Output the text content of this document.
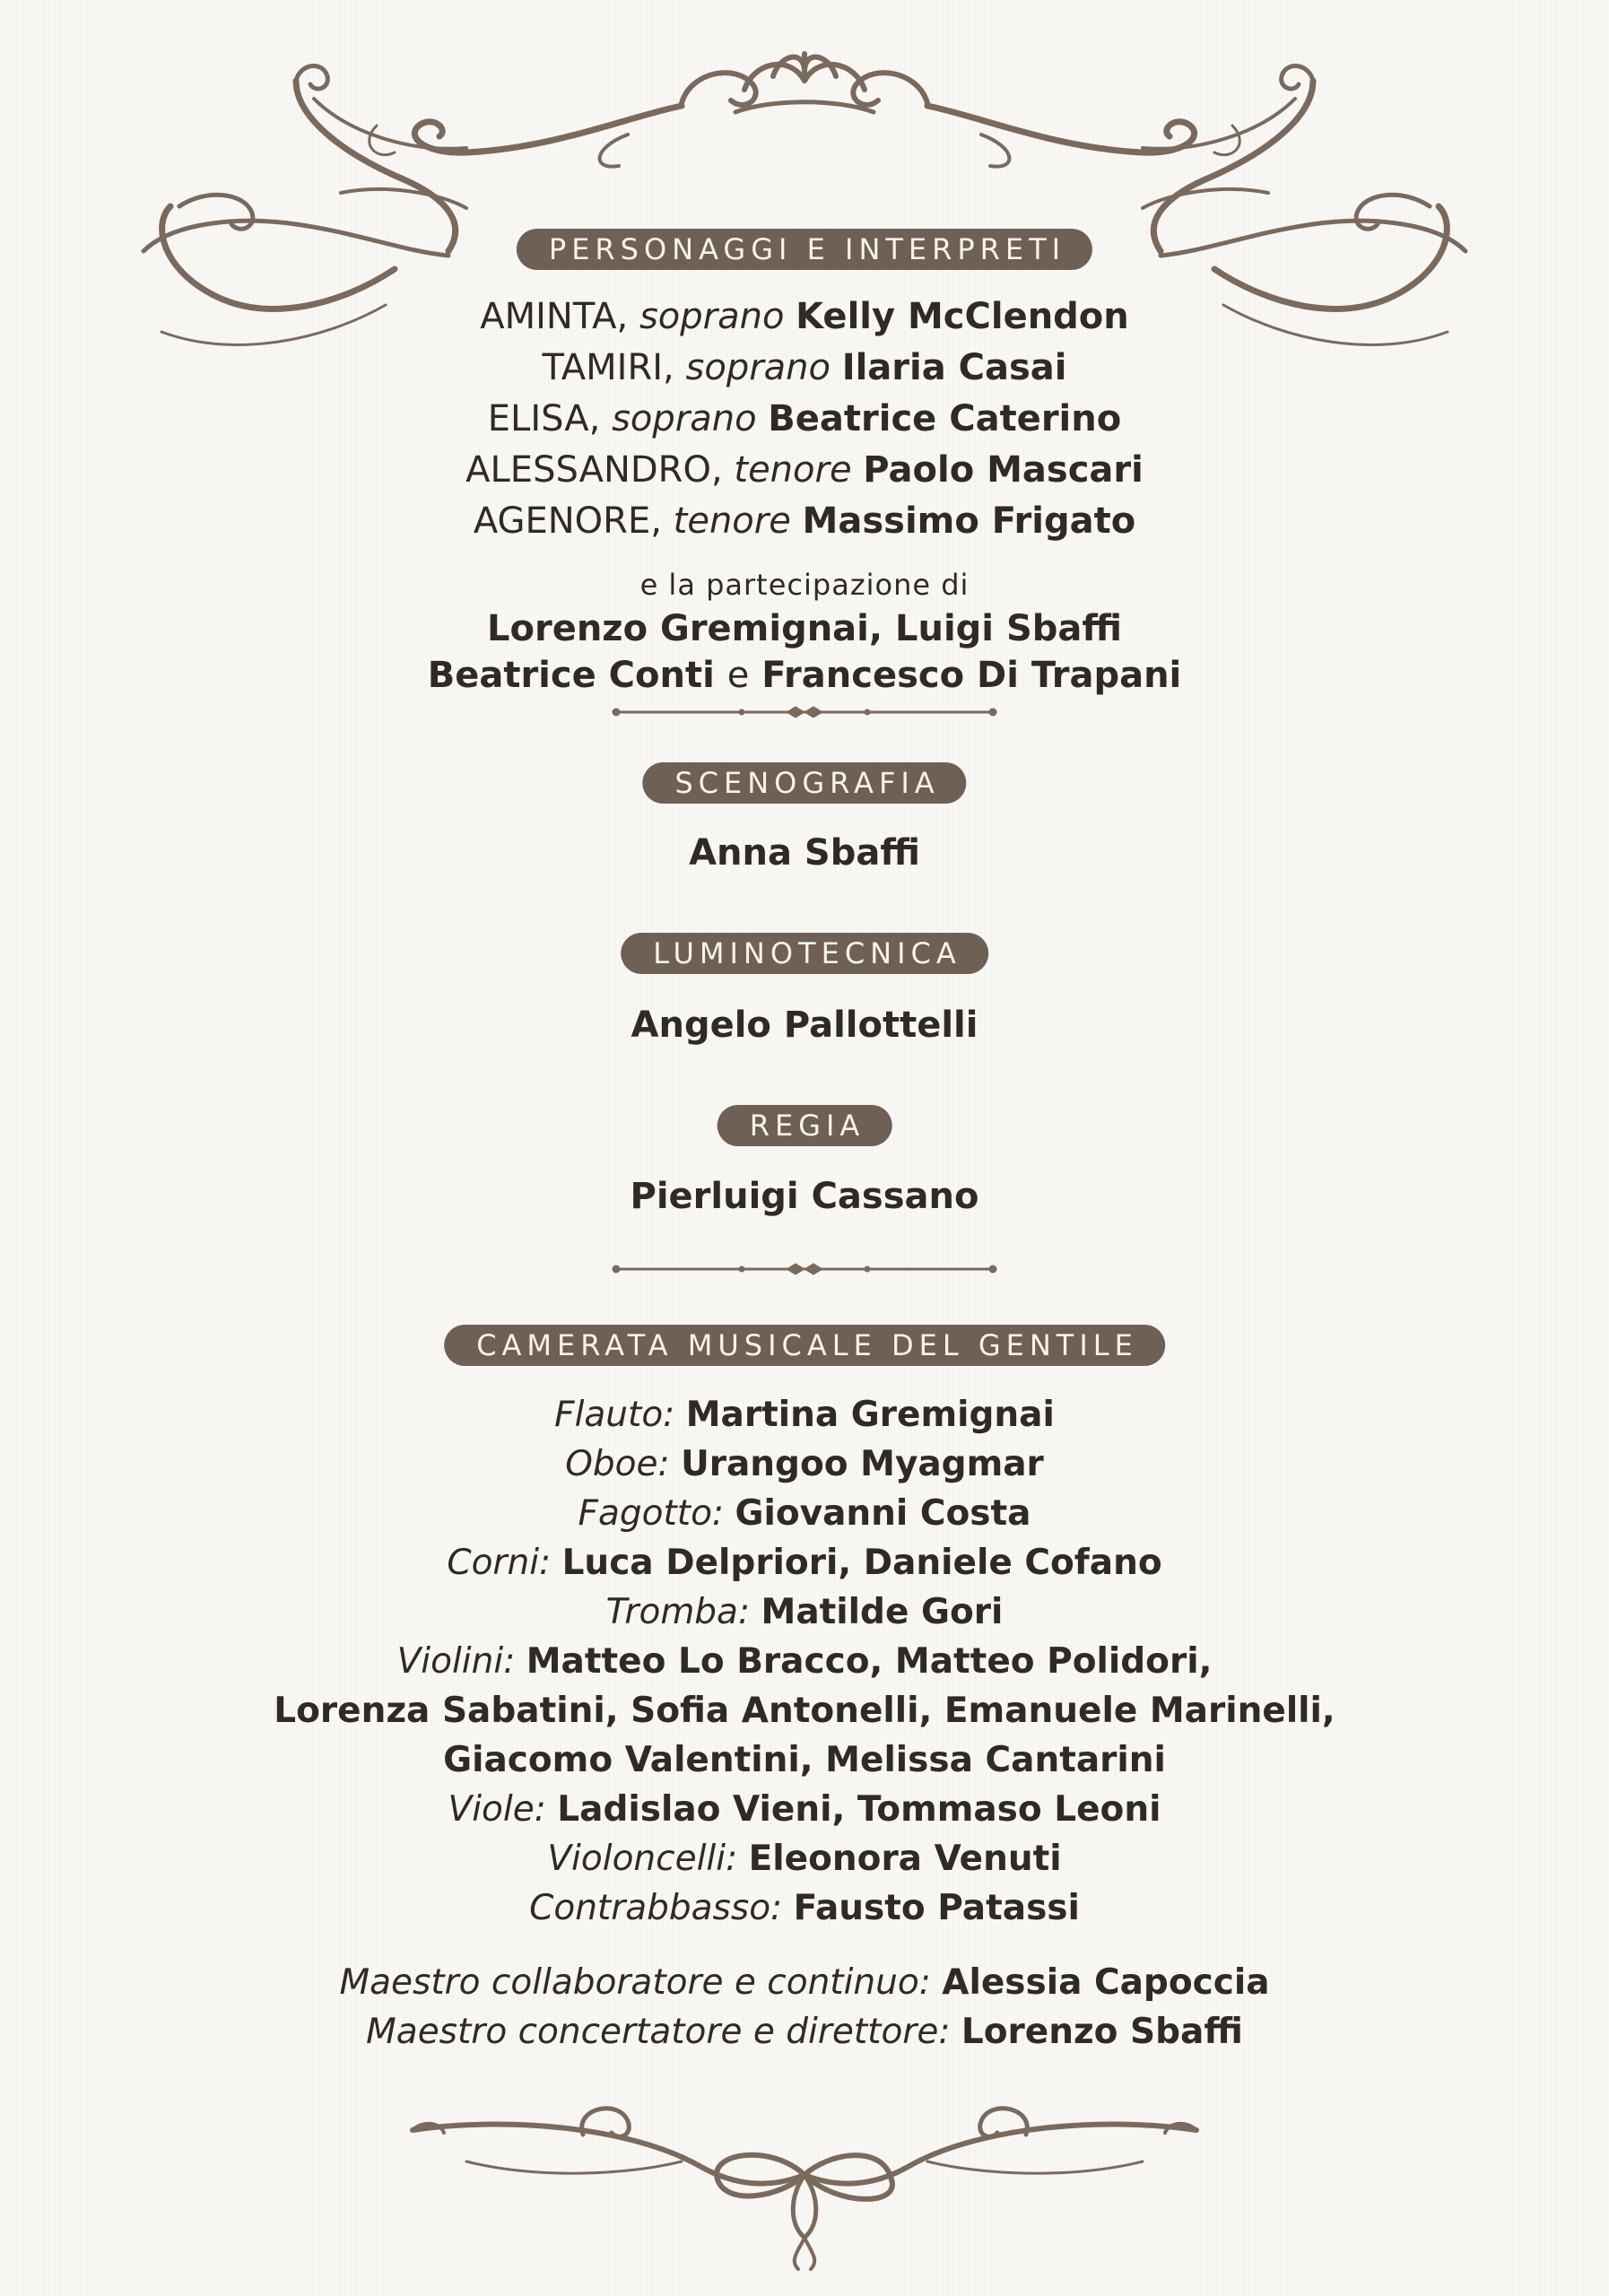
PERSONAGGI E INTERPRETI
AMINTA, soprano Kelly McClendon
TAMIRI, soprano Ilaria Casai
ELISA, soprano Beatrice Caterino
ALESSANDRO, tenore Paolo Mascari
AGENORE, tenore Massimo Frigato
e la partecipazione di
Lorenzo Gremignai, Luigi Sbaffi
Beatrice Conti e Francesco Di Trapani
SCENOGRAFIA
Anna Sbaffi
LUMINOTECNICA
Angelo Pallottelli
REGIA
Pierluigi Cassano
CAMERATA MUSICALE DEL GENTILE
Flauto: Martina Gremignai
Oboe: Urangoo Myagmar
Fagotto: Giovanni Costa
Corni: Luca Delpriori, Daniele Cofano
Tromba: Matilde Gori
Violini: Matteo Lo Bracco, Matteo Polidori,
Lorenza Sabatini, Sofia Antonelli, Emanuele Marinelli,
Giacomo Valentini, Melissa Cantarini
Viole: Ladislao Vieni, Tommaso Leoni
Violoncelli: Eleonora Venuti
Contrabbasso: Fausto Patassi
Maestro collaboratore e continuo: Alessia Capoccia
Maestro concertatore e direttore: Lorenzo Sbaffi
